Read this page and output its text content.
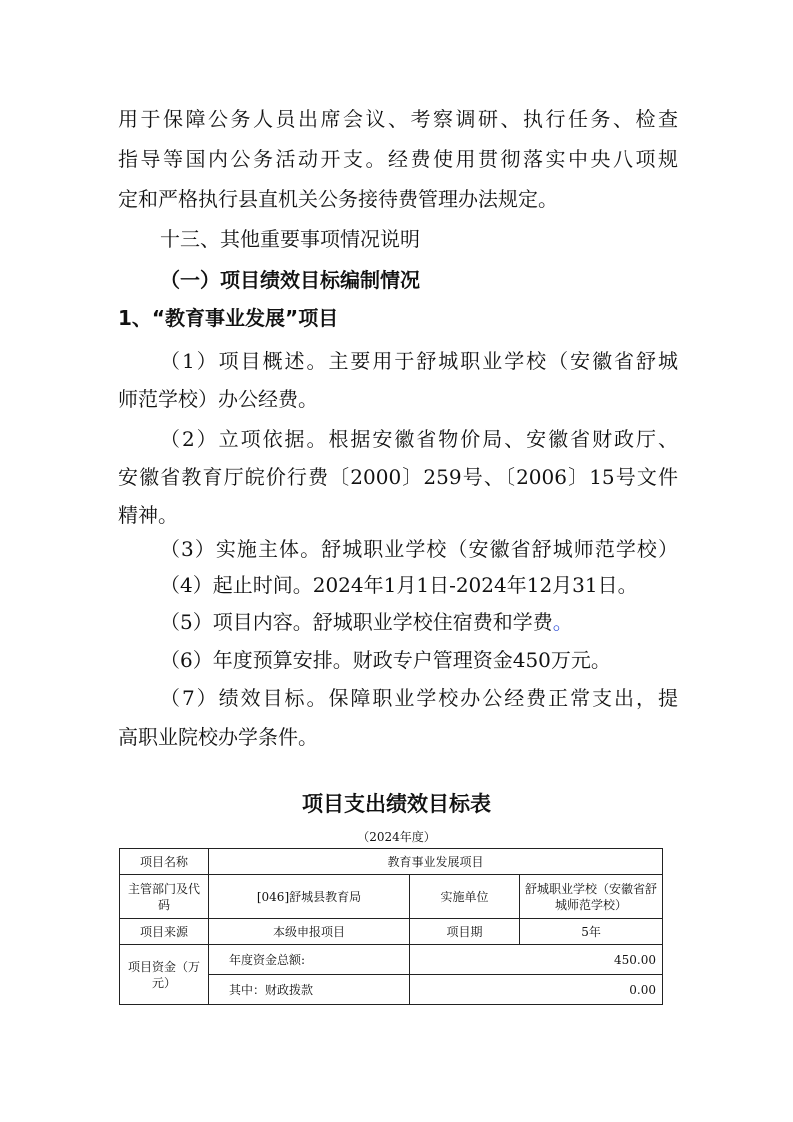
用于保障公务人员出席会议、考察调研、执行任务、检查
指导等国内公务活动开支。经费使用贯彻落实中央八项规
定和严格执行县直机关公务接待费管理办法规定。
十三、其他重要事项情况说明
（一）项目绩效目标编制情况
1、“教育事业发展”项目
（1）项目概述。主要用于舒城职业学校（安徽省舒城
师范学校）办公经费。
（2）立项依据。根据安徽省物价局、安徽省财政厅、
安徽省教育厅皖价行费〔2000〕259号、〔2006〕15号文件
精神。
（3）实施主体。舒城职业学校（安徽省舒城师范学校）
（4）起止时间。2024年1月1日-2024年12月31日。
（5）项目内容。舒城职业学校住宿费和学费。
（6）年度预算安排。财政专户管理资金450万元。
（7）绩效目标。保障职业学校办公经费正常支出，提
高职业院校办学条件。
项目支出绩效目标表
（2024年度）
项目名称	教育事业发展项目		
主管部门及代码	[046]舒城县教育局	实施单位	舒城职业学校（安徽省舒城师范学校）
项目来源	本级申报项目	项目期	5年
项目资金（万元）	年度资金总额:	450.00	
	其中：财政拨款	0.00	
